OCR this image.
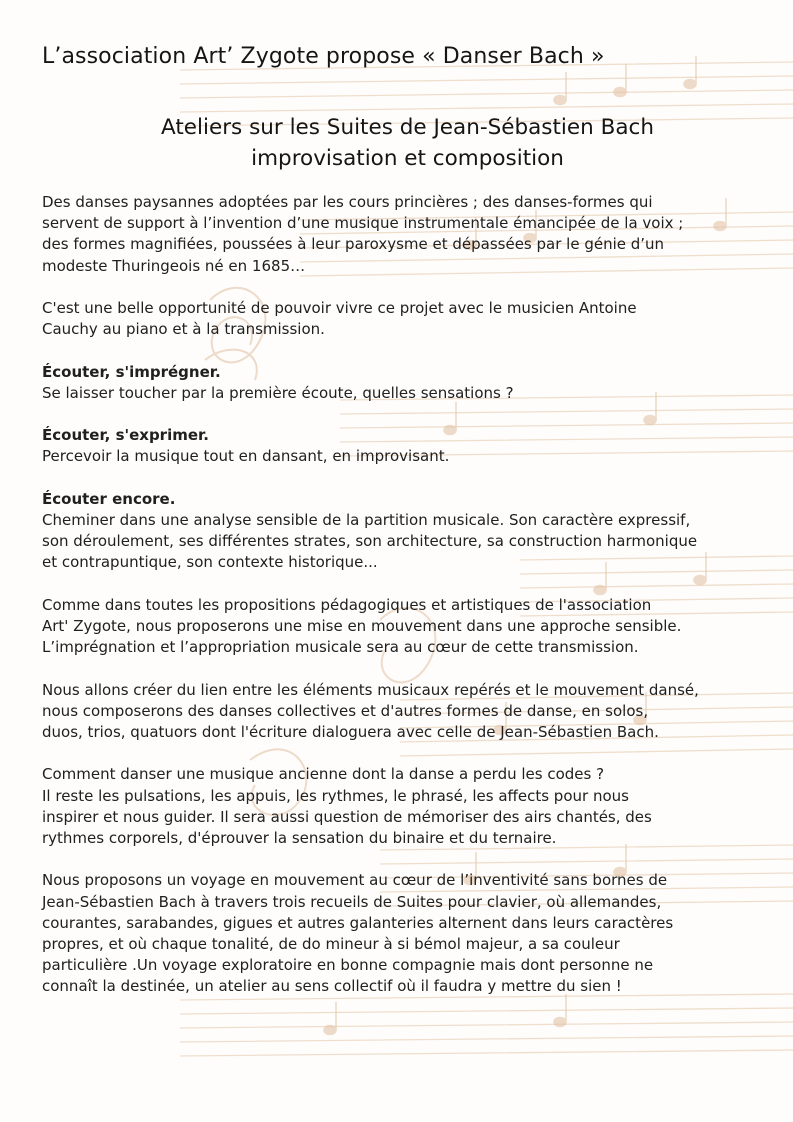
L’association Art’ Zygote propose « Danser Bach »
Ateliers sur les Suites de Jean-Sébastien Bach
improvisation et composition

Des danses paysannes adoptées par les cours princières ; des danses-formes qui
servent de support à l’invention d’une musique instrumentale émancipée de la voix ;
des formes magnifiées, poussées à leur paroxysme et dépassées par le génie d’un
modeste Thuringeois né en 1685…

C'est une belle opportunité de pouvoir vivre ce projet avec le musicien Antoine
Cauchy au piano et à la transmission.

Écouter, s'imprégner.
Se laisser toucher par la première écoute, quelles sensations ?

Écouter, s'exprimer.
Percevoir la musique tout en dansant, en improvisant.

Écouter encore.
Cheminer dans une analyse sensible de la partition musicale. Son caractère expressif,
son déroulement, ses différentes strates, son architecture, sa construction harmonique
et contrapuntique, son contexte historique...

Comme dans toutes les propositions pédagogiques et artistiques de l'association
Art' Zygote, nous proposerons une mise en mouvement dans une approche sensible.
L’imprégnation et l’appropriation musicale sera au cœur de cette transmission.

Nous allons créer du lien entre les éléments musicaux repérés et le mouvement dansé,
nous composerons des danses collectives et d'autres formes de danse, en solos,
duos, trios, quatuors dont l'écriture dialoguera avec celle de Jean-Sébastien Bach.

Comment danser une musique ancienne dont la danse a perdu les codes ?
Il reste les pulsations, les appuis, les rythmes, le phrasé, les affects pour nous
inspirer et nous guider. Il sera aussi question de mémoriser des airs chantés, des
rythmes corporels, d'éprouver la sensation du binaire et du ternaire.

Nous proposons un voyage en mouvement au cœur de l’inventivité sans bornes de
Jean-Sébastien Bach à travers trois recueils de Suites pour clavier, où allemandes,
courantes, sarabandes, gigues et autres galanteries alternent dans leurs caractères
propres, et où chaque tonalité, de do mineur à si bémol majeur, a sa couleur
particulière .Un voyage exploratoire en bonne compagnie mais dont personne ne
connaît la destinée, un atelier au sens collectif où il faudra y mettre du sien !
